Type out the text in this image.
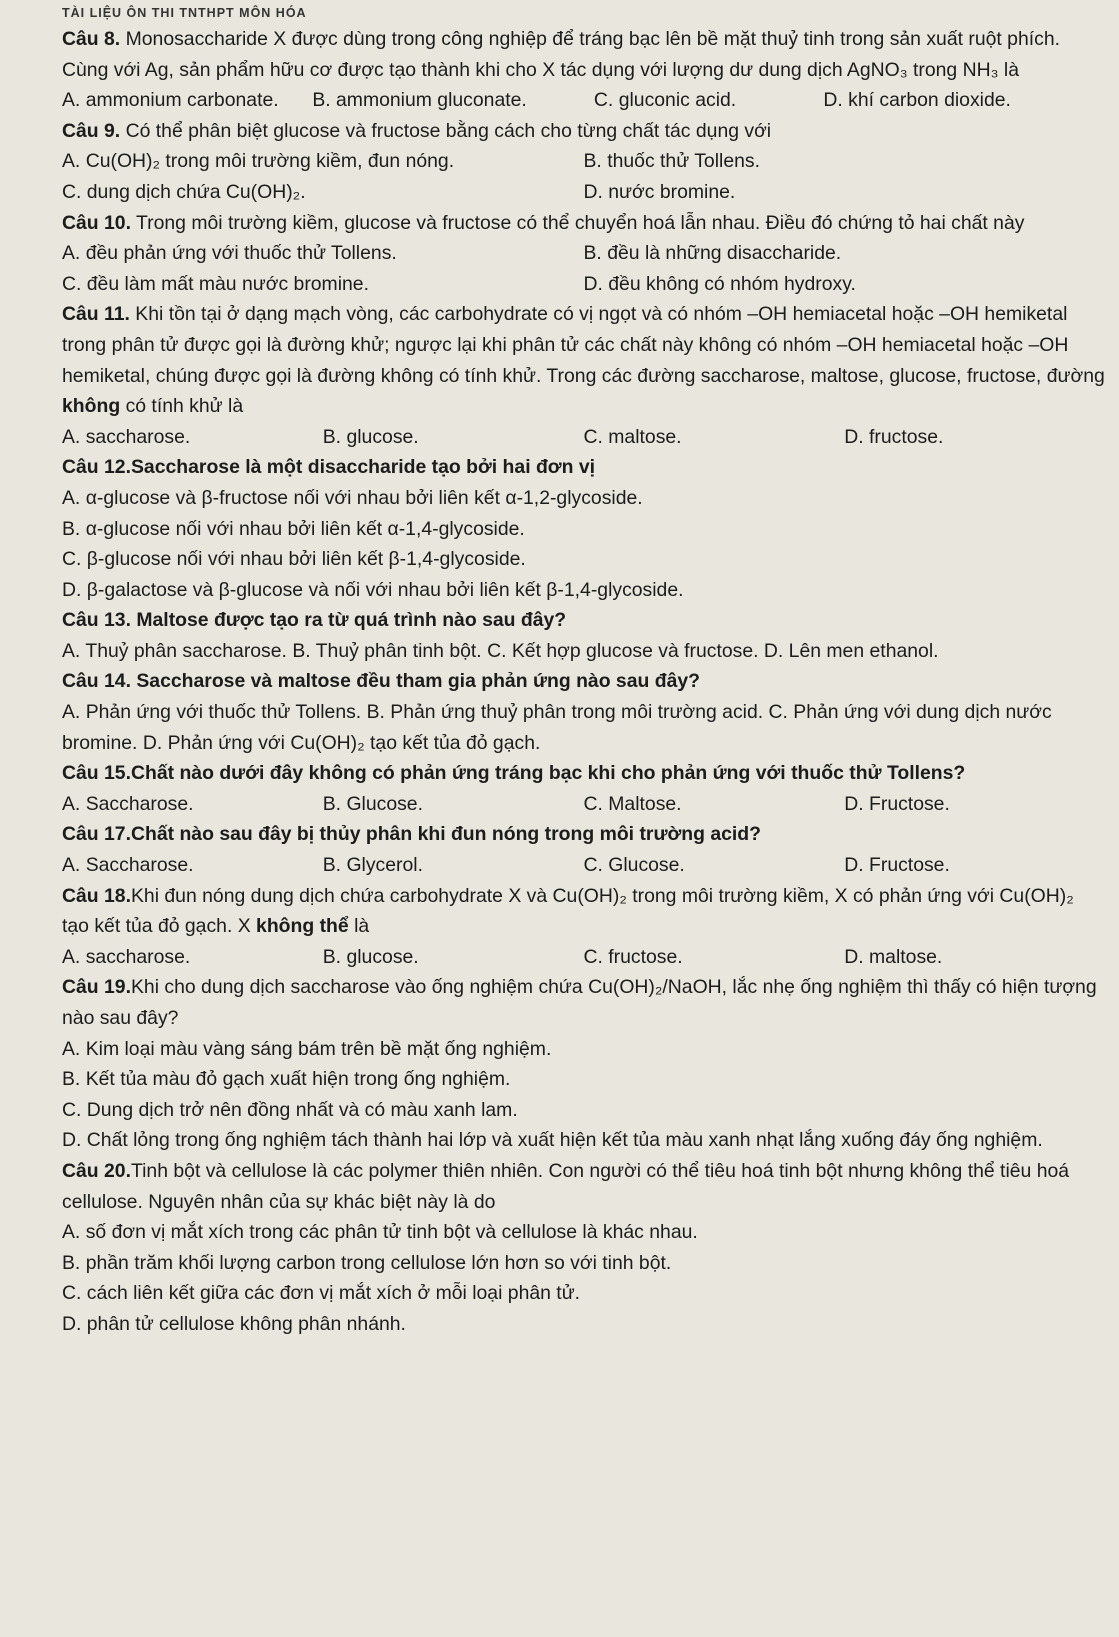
TÀI LIỆU ÔN THI TNTHPT MÔN HÓA
Câu 8. Monosaccharide X được dùng trong công nghiệp để tráng bạc lên bề mặt thuỷ tinh trong sản xuất ruột phích. Cùng với Ag, sản phẩm hữu cơ được tạo thành khi cho X tác dụng với lượng dư dung dịch AgNO₃ trong NH₃ là
A. ammonium carbonate.	B. ammonium gluconate.	C. gluconic acid.	D. khí carbon dioxide.
Câu 9. Có thể phân biệt glucose và fructose bằng cách cho từng chất tác dụng với
A. Cu(OH)₂ trong môi trường kiềm, đun nóng.	B. thuốc thử Tollens.
C. dung dịch chứa Cu(OH)₂.	D. nước bromine.
Câu 10. Trong môi trường kiềm, glucose và fructose có thể chuyển hoá lẫn nhau. Điều đó chứng tỏ hai chất này
A. đều phản ứng với thuốc thử Tollens.	B. đều là những disaccharide.
C. đều làm mất màu nước bromine.	D. đều không có nhóm hydroxy.
Câu 11. Khi tồn tại ở dạng mạch vòng, các carbohydrate có vị ngọt và có nhóm –OH hemiacetal hoặc –OH hemiketal trong phân tử được gọi là đường khử; ngược lại khi phân tử các chất này không có nhóm –OH hemiacetal hoặc –OH hemiketal, chúng được gọi là đường không có tính khử. Trong các đường saccharose, maltose, glucose, fructose, đường không có tính khử là
A. saccharose.	B. glucose.	C. maltose.	D. fructose.
Câu 12.Saccharose là một disaccharide tạo bởi hai đơn vị
A. α-glucose và β-fructose nối với nhau bởi liên kết α-1,2-glycoside.
B. α-glucose nối với nhau bởi liên kết α-1,4-glycoside.
C. β-glucose nối với nhau bởi liên kết β-1,4-glycoside.
D. β-galactose và β-glucose và nối với nhau bởi liên kết β-1,4-glycoside.
Câu 13. Maltose được tạo ra từ quá trình nào sau đây?
A. Thuỷ phân saccharose. B. Thuỷ phân tinh bột. C. Kết hợp glucose và fructose. D. Lên men ethanol.
Câu 14. Saccharose và maltose đều tham gia phản ứng nào sau đây?
A. Phản ứng với thuốc thử Tollens. B. Phản ứng thuỷ phân trong môi trường acid. C. Phản ứng với dung dịch nước bromine. D. Phản ứng với Cu(OH)₂ tạo kết tủa đỏ gạch.
Câu 15.Chất nào dưới đây không có phản ứng tráng bạc khi cho phản ứng với thuốc thử Tollens?
A. Saccharose.	B. Glucose.	C. Maltose.	D. Fructose.
Câu 17.Chất nào sau đây bị thủy phân khi đun nóng trong môi trường acid?
A. Saccharose.	B. Glycerol.	C. Glucose.	D. Fructose.
Câu 18.Khi đun nóng dung dịch chứa carbohydrate X và Cu(OH)₂ trong môi trường kiềm, X có phản ứng với Cu(OH)₂ tạo kết tủa đỏ gạch. X không thể là
A. saccharose.	B. glucose.	C. fructose.	D. maltose.
Câu 19.Khi cho dung dịch saccharose vào ống nghiệm chứa Cu(OH)₂/NaOH, lắc nhẹ ống nghiệm thì thấy có hiện tượng nào sau đây?
A. Kim loại màu vàng sáng bám trên bề mặt ống nghiệm.
B. Kết tủa màu đỏ gạch xuất hiện trong ống nghiệm.
C. Dung dịch trở nên đồng nhất và có màu xanh lam.
D. Chất lỏng trong ống nghiệm tách thành hai lớp và xuất hiện kết tủa màu xanh nhạt lắng xuống đáy ống nghiệm.
Câu 20.Tinh bột và cellulose là các polymer thiên nhiên. Con người có thể tiêu hoá tinh bột nhưng không thể tiêu hoá cellulose. Nguyên nhân của sự khác biệt này là do
A. số đơn vị mắt xích trong các phân tử tinh bột và cellulose là khác nhau.
B. phần trăm khối lượng carbon trong cellulose lớn hơn so với tinh bột.
C. cách liên kết giữa các đơn vị mắt xích ở mỗi loại phân tử.
D. phân tử cellulose không phân nhánh.
